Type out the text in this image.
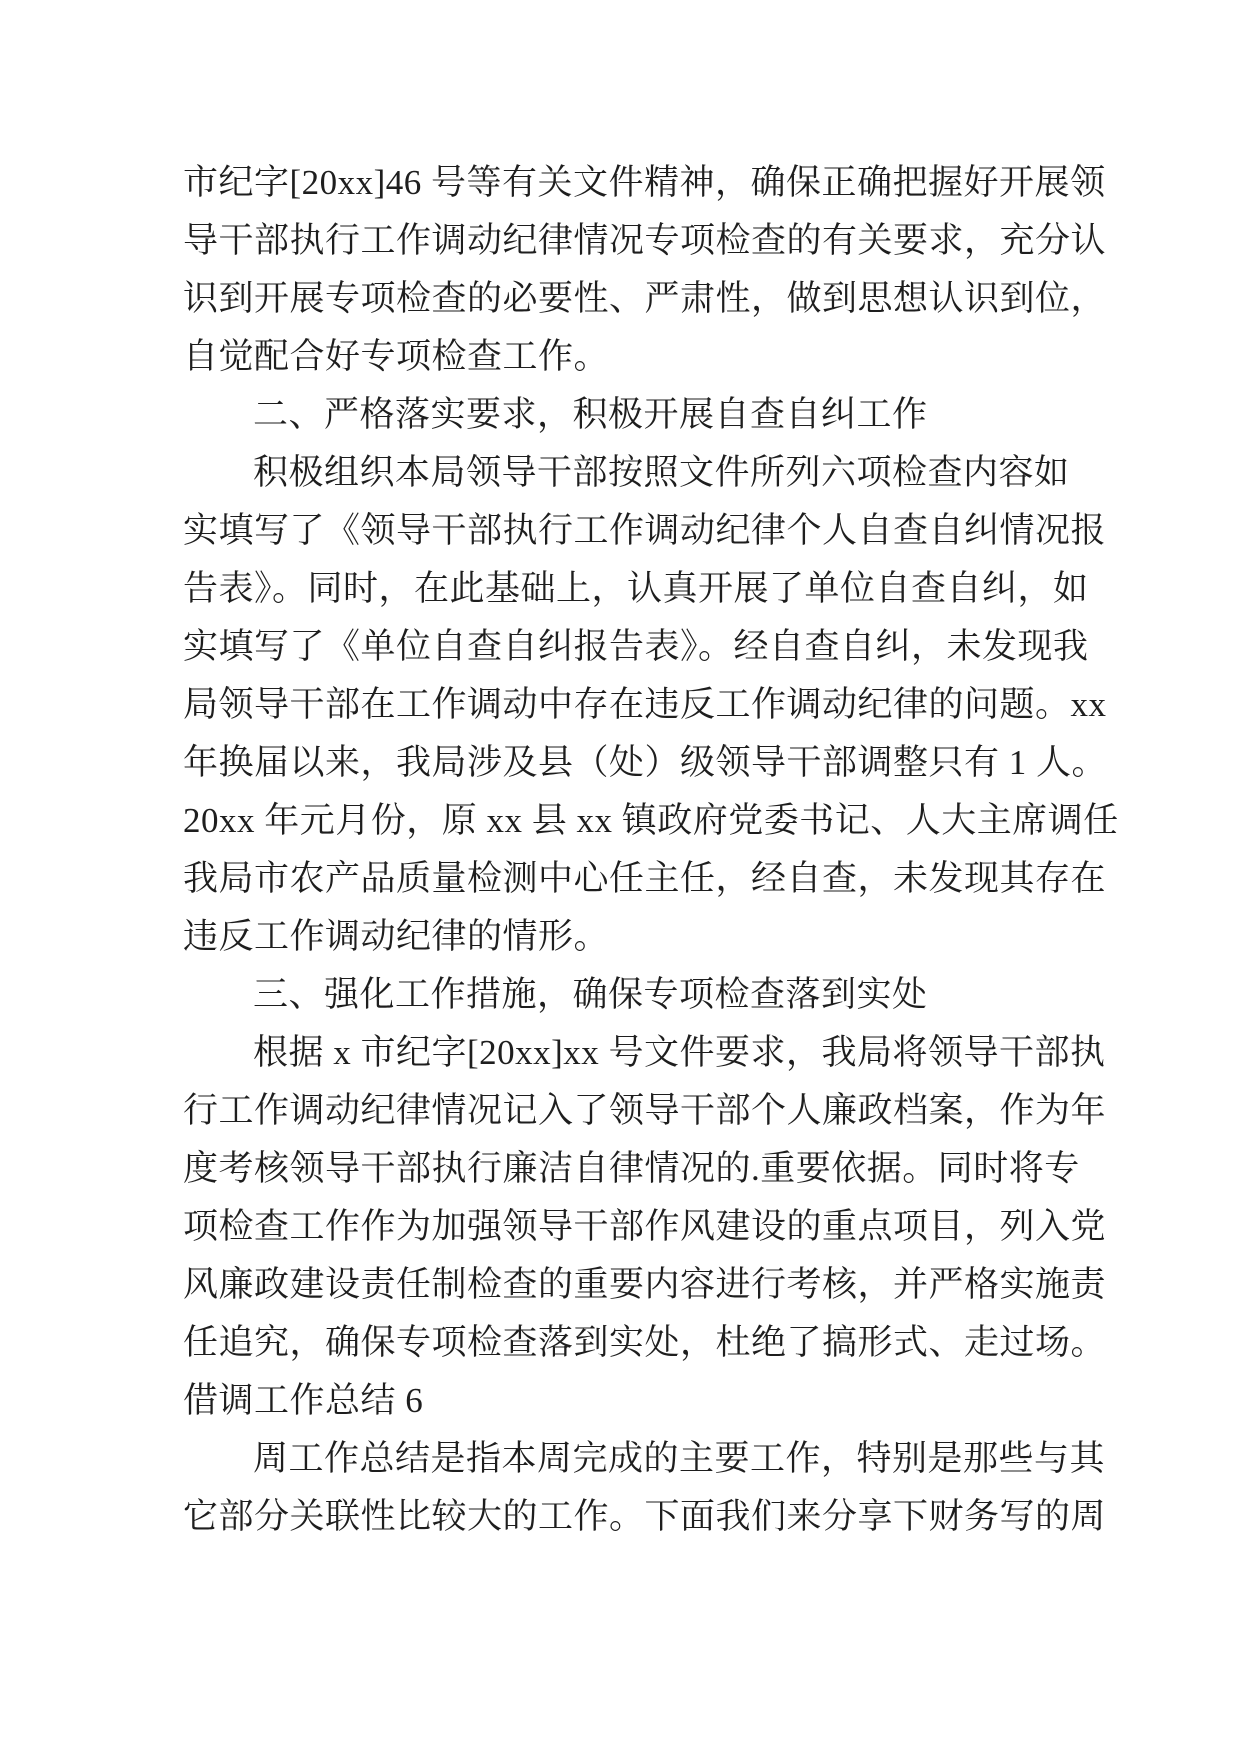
市纪字[20xx]46 号等有关文件精神，确保正确把握好开展领
导干部执行工作调动纪律情况专项检查的有关要求，充分认
识到开展专项检查的必要性、严肃性，做到思想认识到位，
自觉配合好专项检查工作。
二、严格落实要求，积极开展自查自纠工作
积极组织本局领导干部按照文件所列六项检查内容如
实填写了《领导干部执行工作调动纪律个人自查自纠情况报
告表》。同时，在此基础上，认真开展了单位自查自纠，如
实填写了《单位自查自纠报告表》。经自查自纠，未发现我
局领导干部在工作调动中存在违反工作调动纪律的问题。xx
年换届以来，我局涉及县（处）级领导干部调整只有 1 人。
20xx 年元月份，原 xx 县 xx 镇政府党委书记、人大主席调任
我局市农产品质量检测中心任主任，经自查，未发现其存在
违反工作调动纪律的情形。
三、强化工作措施，确保专项检查落到实处
根据 x 市纪字[20xx]xx 号文件要求，我局将领导干部执
行工作调动纪律情况记入了领导干部个人廉政档案，作为年
度考核领导干部执行廉洁自律情况的.重要依据。同时将专
项检查工作作为加强领导干部作风建设的重点项目，列入党
风廉政建设责任制检查的重要内容进行考核，并严格实施责
任追究，确保专项检查落到实处，杜绝了搞形式、走过场。
借调工作总结 6
周工作总结是指本周完成的主要工作，特别是那些与其
它部分关联性比较大的工作。下面我们来分享下财务写的周
